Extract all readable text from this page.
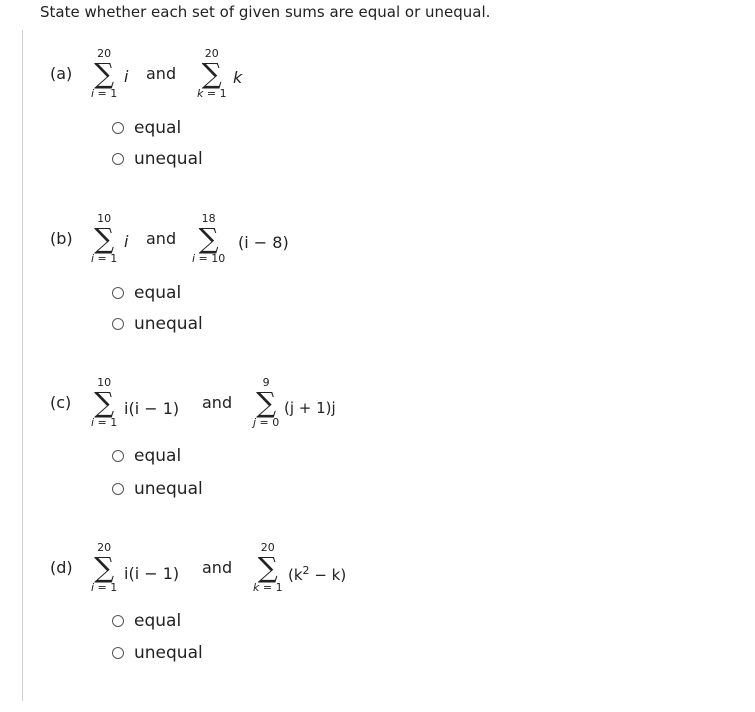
State whether each set of given sums are equal or unequal.
(a)
20
∑
i = 1
i and
20
∑
k = 1
k
equal
unequal
(b)
10
∑
i = 1
i and
18
∑
i = 10
(i − 8)
equal
unequal
(c)
10
∑
i = 1
i(i − 1) and
9
∑
j = 0
(j + 1)j
equal
unequal
(d)
20
∑
i = 1
i(i − 1) and
20
∑
k = 1
$(k^2 - k)$
equal
unequal
